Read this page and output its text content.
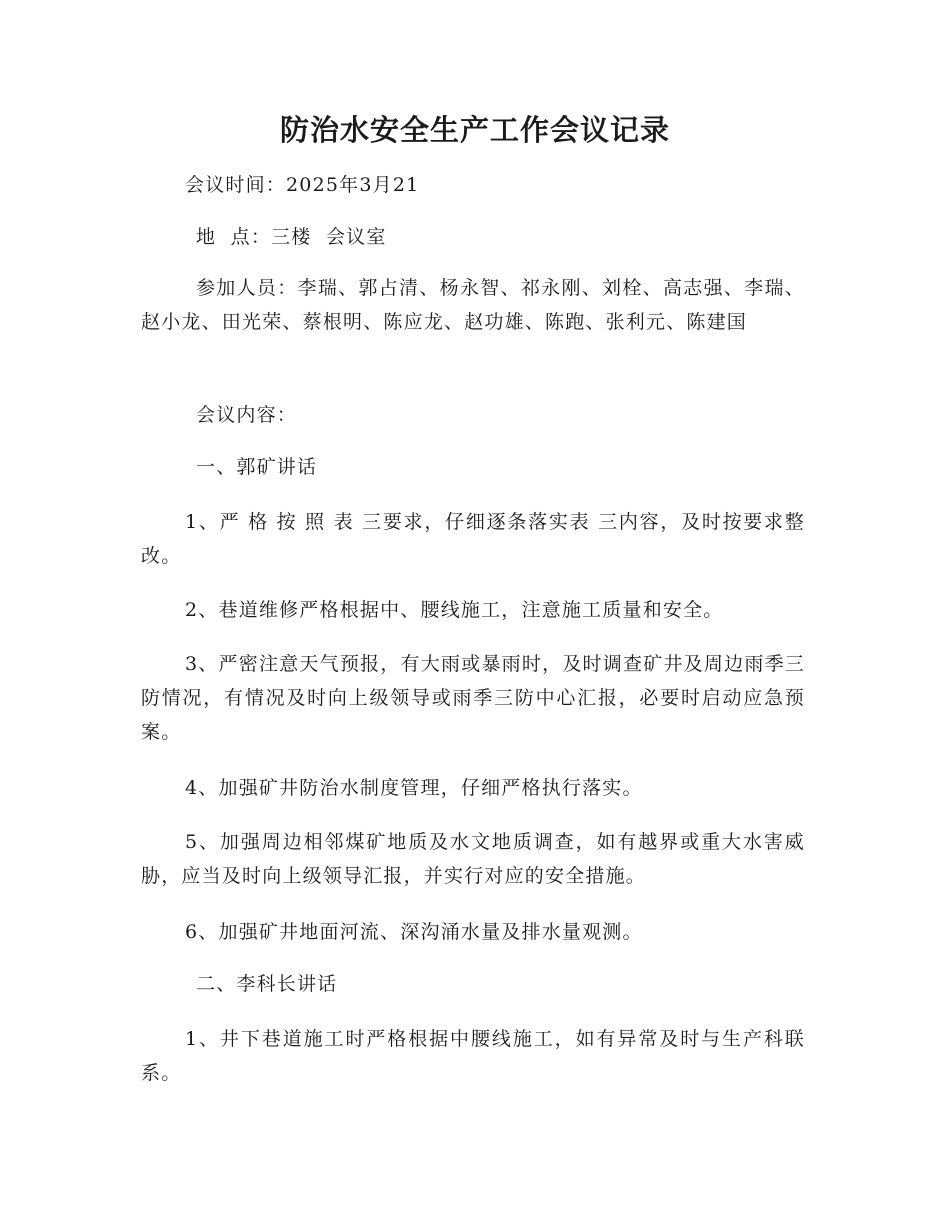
防治水安全生产工作会议记录

会议时间：2025年3月21

地  点：三楼  会议室

参加人员：李瑞、郭占清、杨永智、祁永刚、刘栓、高志强、李瑞、赵小龙、田光荣、蔡根明、陈应龙、赵功雄、陈跑、张利元、陈建国

会议内容：

一、郭矿讲话

1、严 格 按 照 表 三要求，仔细逐条落实表 三内容，及时按要求整改。

2、巷道维修严格根据中、腰线施工，注意施工质量和安全。

3、严密注意天气预报，有大雨或暴雨时，及时调查矿井及周边雨季三防情况，有情况及时向上级领导或雨季三防中心汇报，必要时启动应急预案。

4、加强矿井防治水制度管理，仔细严格执行落实。

5、加强周边相邻煤矿地质及水文地质调查，如有越界或重大水害威胁，应当及时向上级领导汇报，并实行对应的安全措施。

6、加强矿井地面河流、深沟涌水量及排水量观测。

二、李科长讲话

1、井下巷道施工时严格根据中腰线施工，如有异常及时与生产科联系。
